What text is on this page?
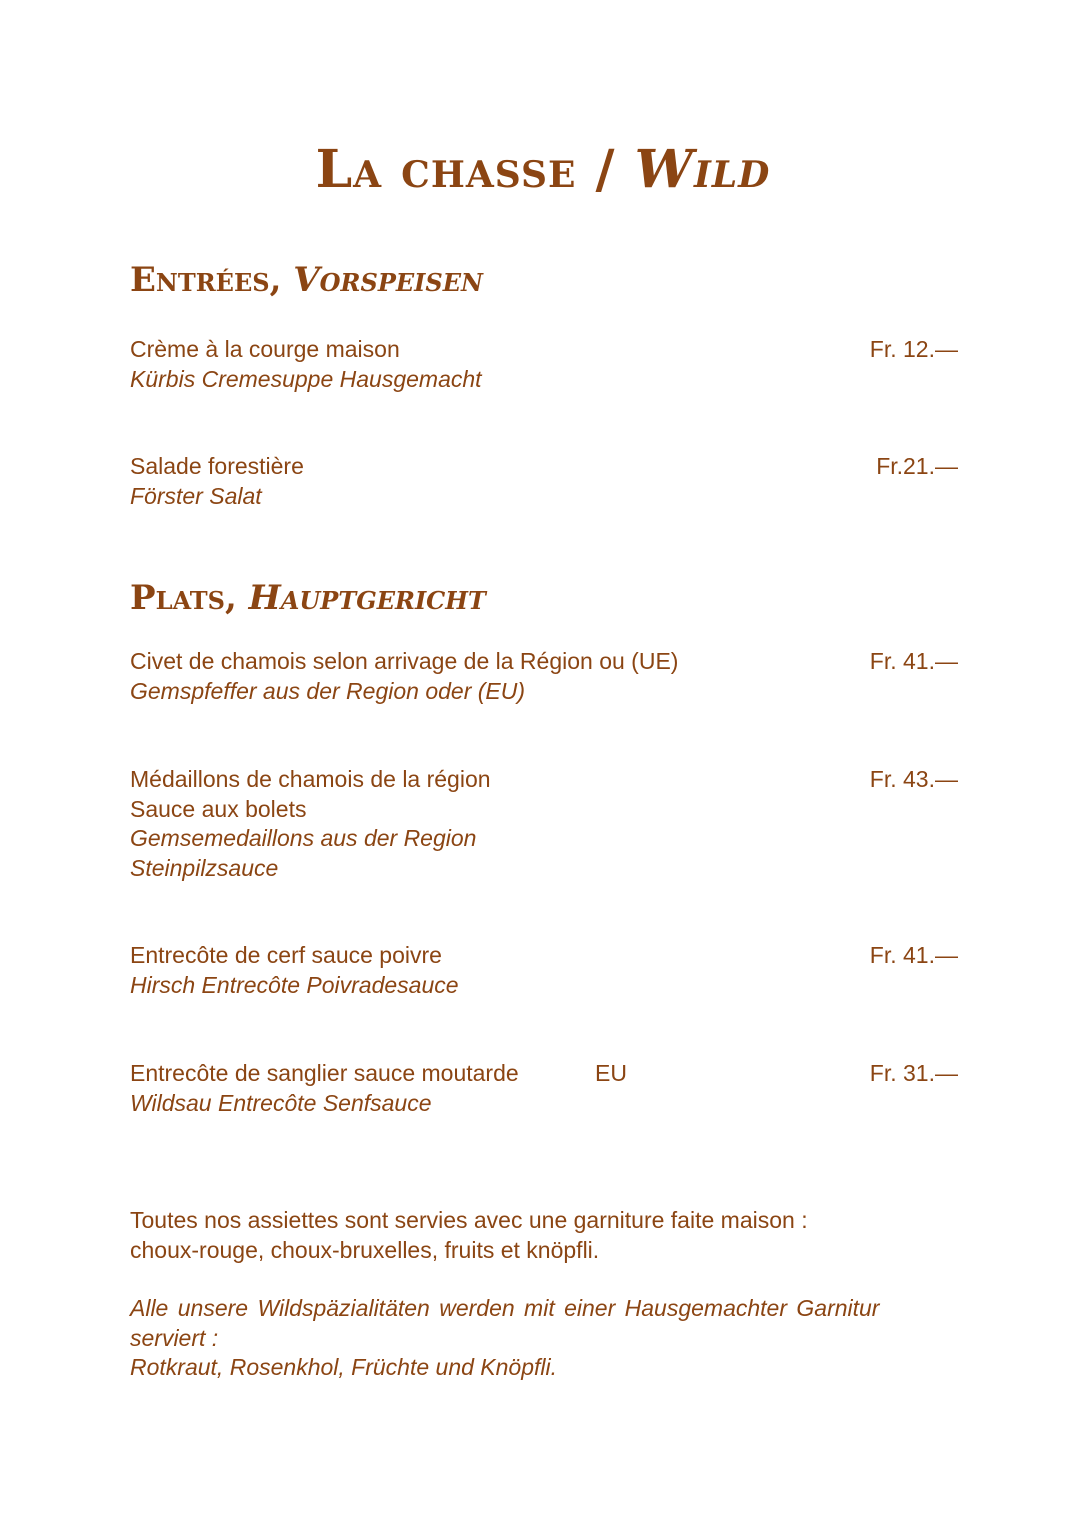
La chasse / Wild
Entrées, Vorspeisen
Crème à la courge maison
Kürbis Cremesuppe Hausgemacht
Fr. 12.—
Salade forestière
Förster Salat
Fr.21.—
Plats, Hauptgericht
Civet de chamois selon arrivage de la Région ou (UE)
Gemspfeffer aus der Region oder (EU)
Fr. 41.—
Médaillons de chamois de la région
Sauce aux bolets
Gemsemedaillons aus der Region
Steinpilzsauce
Fr. 43.—
Entrecôte de cerf sauce poivre
Hirsch Entrecôte Poivradesauce
Fr. 41.—
Entrecôte de sanglier sauce moutarde
Wildsau Entrecôte Senfsauce
EU	Fr. 31.—
Toutes nos assiettes sont servies avec une garniture faite maison :
choux-rouge, choux-bruxelles, fruits et knöpfli.
Alle unsere Wildspäzialitäten werden mit einer Hausgemachter Garnitur
serviert :
Rotkraut, Rosenkhol, Früchte und Knöpfli.
